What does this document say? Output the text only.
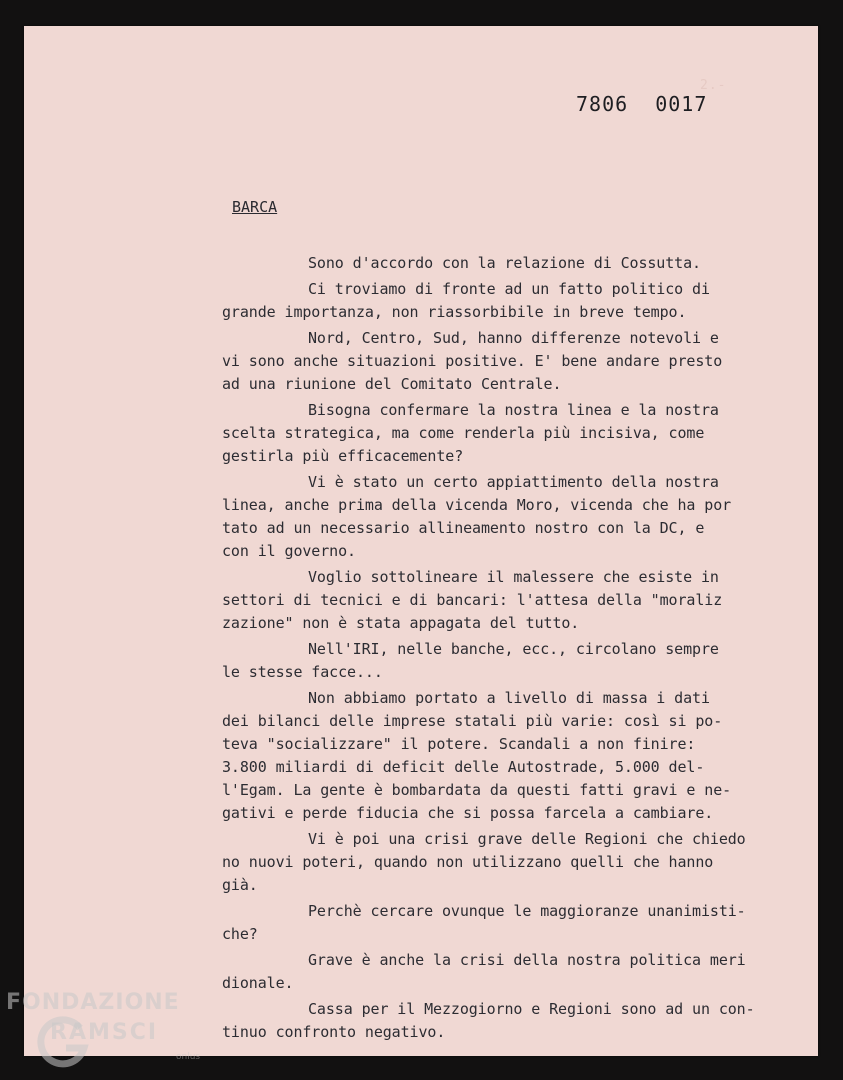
7806 0017
2.-
BARCA
Sono d'accordo con la relazione di Cossutta.
Ci troviamo di fronte ad un fatto politico di
grande importanza, non riassorbibile in breve tempo.
Nord, Centro, Sud, hanno differenze notevoli e
vi sono anche situazioni positive. E' bene andare presto
ad una riunione del Comitato Centrale.
Bisogna confermare la nostra linea e la nostra
scelta strategica, ma come renderla più incisiva, come
gestirla più efficacemente?
Vi è stato un certo appiattimento della nostra
linea, anche prima della vicenda Moro, vicenda che ha por
tato ad un necessario allineamento nostro con la DC, e
con il governo.
Voglio sottolineare il malessere che esiste in
settori di tecnici e di bancari: l'attesa della "moraliz
zazione" non è stata appagata del tutto.
Nell'IRI, nelle banche, ecc., circolano sempre
le stesse facce...
Non abbiamo portato a livello di massa i dati
dei bilanci delle imprese statali più varie: così si po-
teva "socializzare" il potere. Scandali a non finire:
3.800 miliardi di deficit delle Autostrade, 5.000 del-
l'Egam. La gente è bombardata da questi fatti gravi e ne-
gativi e perde fiducia che si possa farcela a cambiare.
Vi è poi una crisi grave delle Regioni che chiedo
no nuovi poteri, quando non utilizzano quelli che hanno
già.
Perchè cercare ovunque le maggioranze unanimisti-
che?
Grave è anche la crisi della nostra politica meri
dionale.
Cassa per il Mezzogiorno e Regioni sono ad un con-
tinuo confronto negativo.
FONDAZIONE
RAMSCI
onlus
